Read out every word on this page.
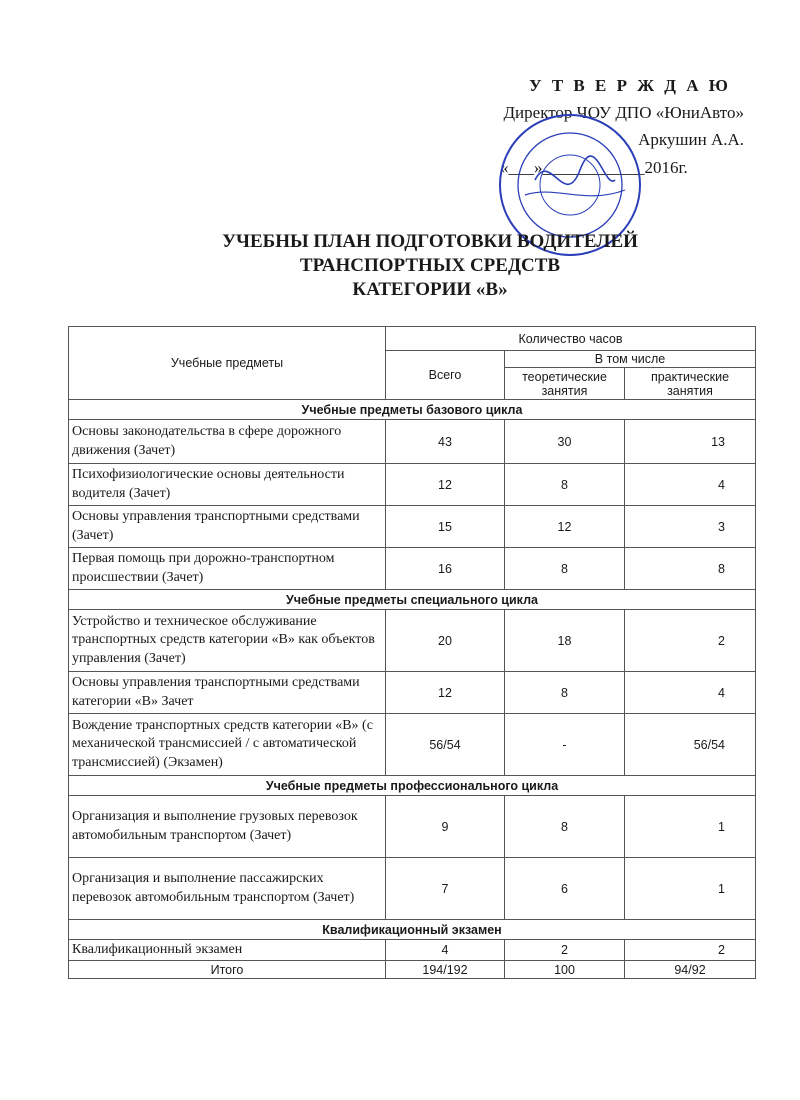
У Т В Е Р Ж Д А Ю
Директор ЧОУ ДПО «ЮниАвто»
Аркушин А.А.
«___»____________2016г.
УЧЕБНЫ ПЛАН ПОДГОТОВКИ ВОДИТЕЛЕЙ
ТРАНСПОРТНЫХ СРЕДСТВ
КАТЕГОРИИ «В»
Учебные предметы	Количество часов		
	Всего	В том числе	
		теоретические занятия	практические занятия
Учебные предметы базового цикла			
Основы законодательства в сфере дорожного движения (Зачет)	43	30	13
Психофизиологические основы деятельности водителя (Зачет)	12	8	4
Основы управления транспортными средствами (Зачет)	15	12	3
Первая помощь при дорожно-транспортном происшествии (Зачет)	16	8	8
Учебные предметы специального цикла			
Устройство и техническое обслуживание транспортных средств категории «В» как объектов управления (Зачет)	20	18	2
Основы управления транспортными средствами категории «В» Зачет	12	8	4
Вождение транспортных средств категории «В» (с механической трансмиссией / с автоматической трансмиссией) (Экзамен)	56/54	-	56/54
Учебные предметы профессионального цикла			
Организация и выполнение грузовых перевозок автомобильным транспортом (Зачет)	9	8	1
Организация и выполнение пассажирских перевозок автомобильным транспортом (Зачет)	7	6	1
Квалификационный экзамен			
Квалификационный экзамен	4	2	2
Итого	194/192	100	94/92
